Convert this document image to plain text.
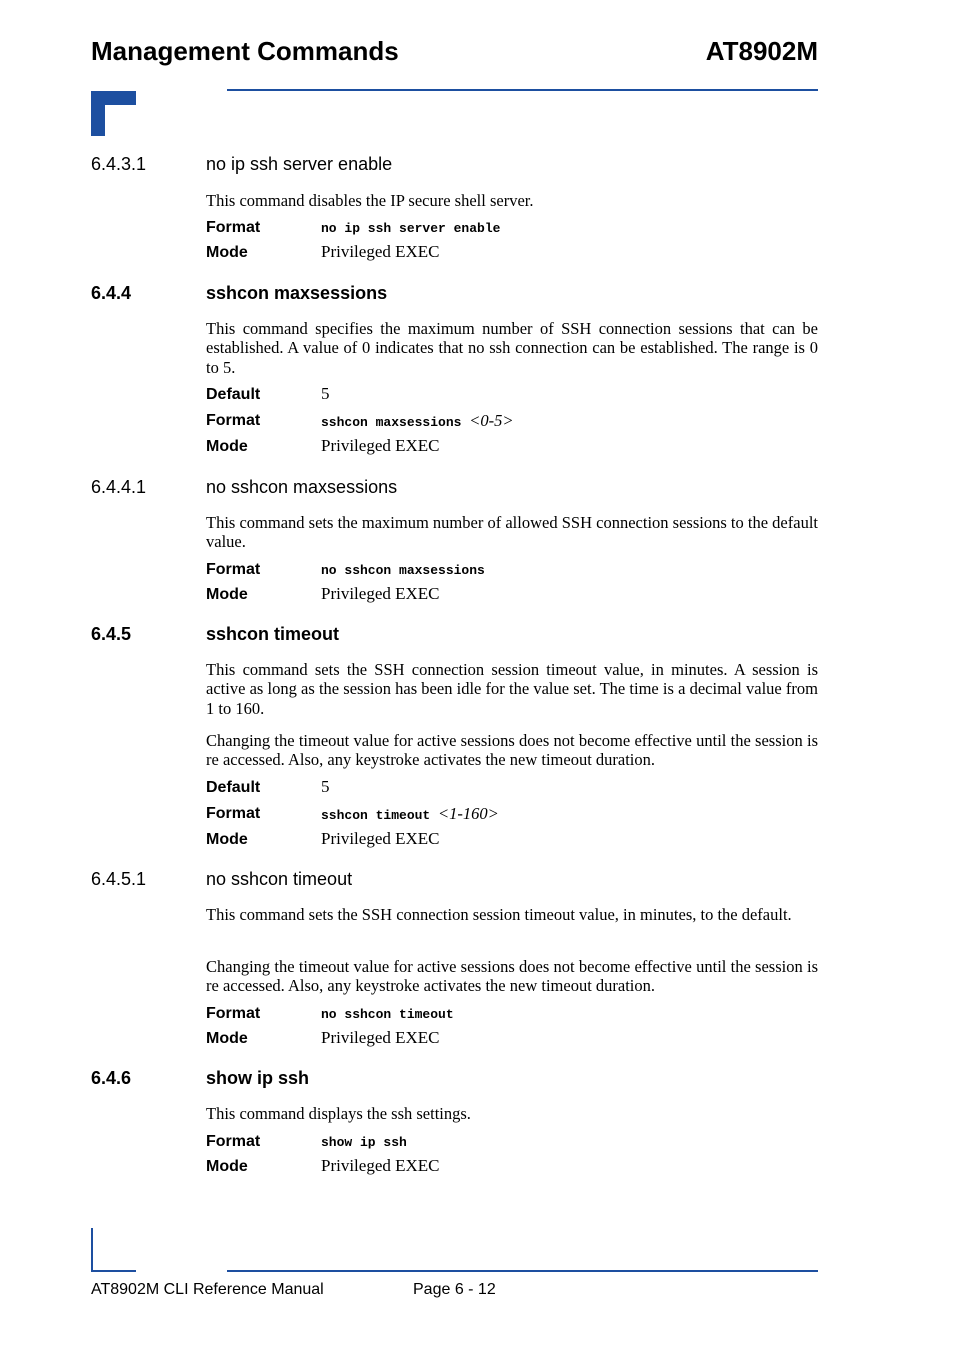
Management Commands	AT8902M
6.4.3.1	no ip ssh server enable
This command disables the IP secure shell server.
Format	no ip ssh server enable
Mode	Privileged EXEC
6.4.4	sshcon maxsessions
This command specifies the maximum number of SSH connection sessions that can be established. A value of 0 indicates that no ssh connection can be established. The range is 0 to 5.
Default	5
Format	sshcon maxsessions <0-5>
Mode	Privileged EXEC
6.4.4.1	no sshcon maxsessions
This command sets the maximum number of allowed SSH connection sessions to the default value.
Format	no sshcon maxsessions
Mode	Privileged EXEC
6.4.5	sshcon timeout
This command sets the SSH connection session timeout value, in minutes. A session is active as long as the session has been idle for the value set. The time is a decimal value from 1 to 160.
Changing the timeout value for active sessions does not become effective until the session is re accessed. Also, any keystroke activates the new timeout duration.
Default	5
Format	sshcon timeout <1-160>
Mode	Privileged EXEC
6.4.5.1	no sshcon timeout
This command sets the SSH connection session timeout value, in minutes, to the default.
Changing the timeout value for active sessions does not become effective until the session is re accessed. Also, any keystroke activates the new timeout duration.
Format	no sshcon timeout
Mode	Privileged EXEC
6.4.6	show ip ssh
This command displays the ssh settings.
Format	show ip ssh
Mode	Privileged EXEC
AT8902M CLI Reference Manual	Page 6 - 12
